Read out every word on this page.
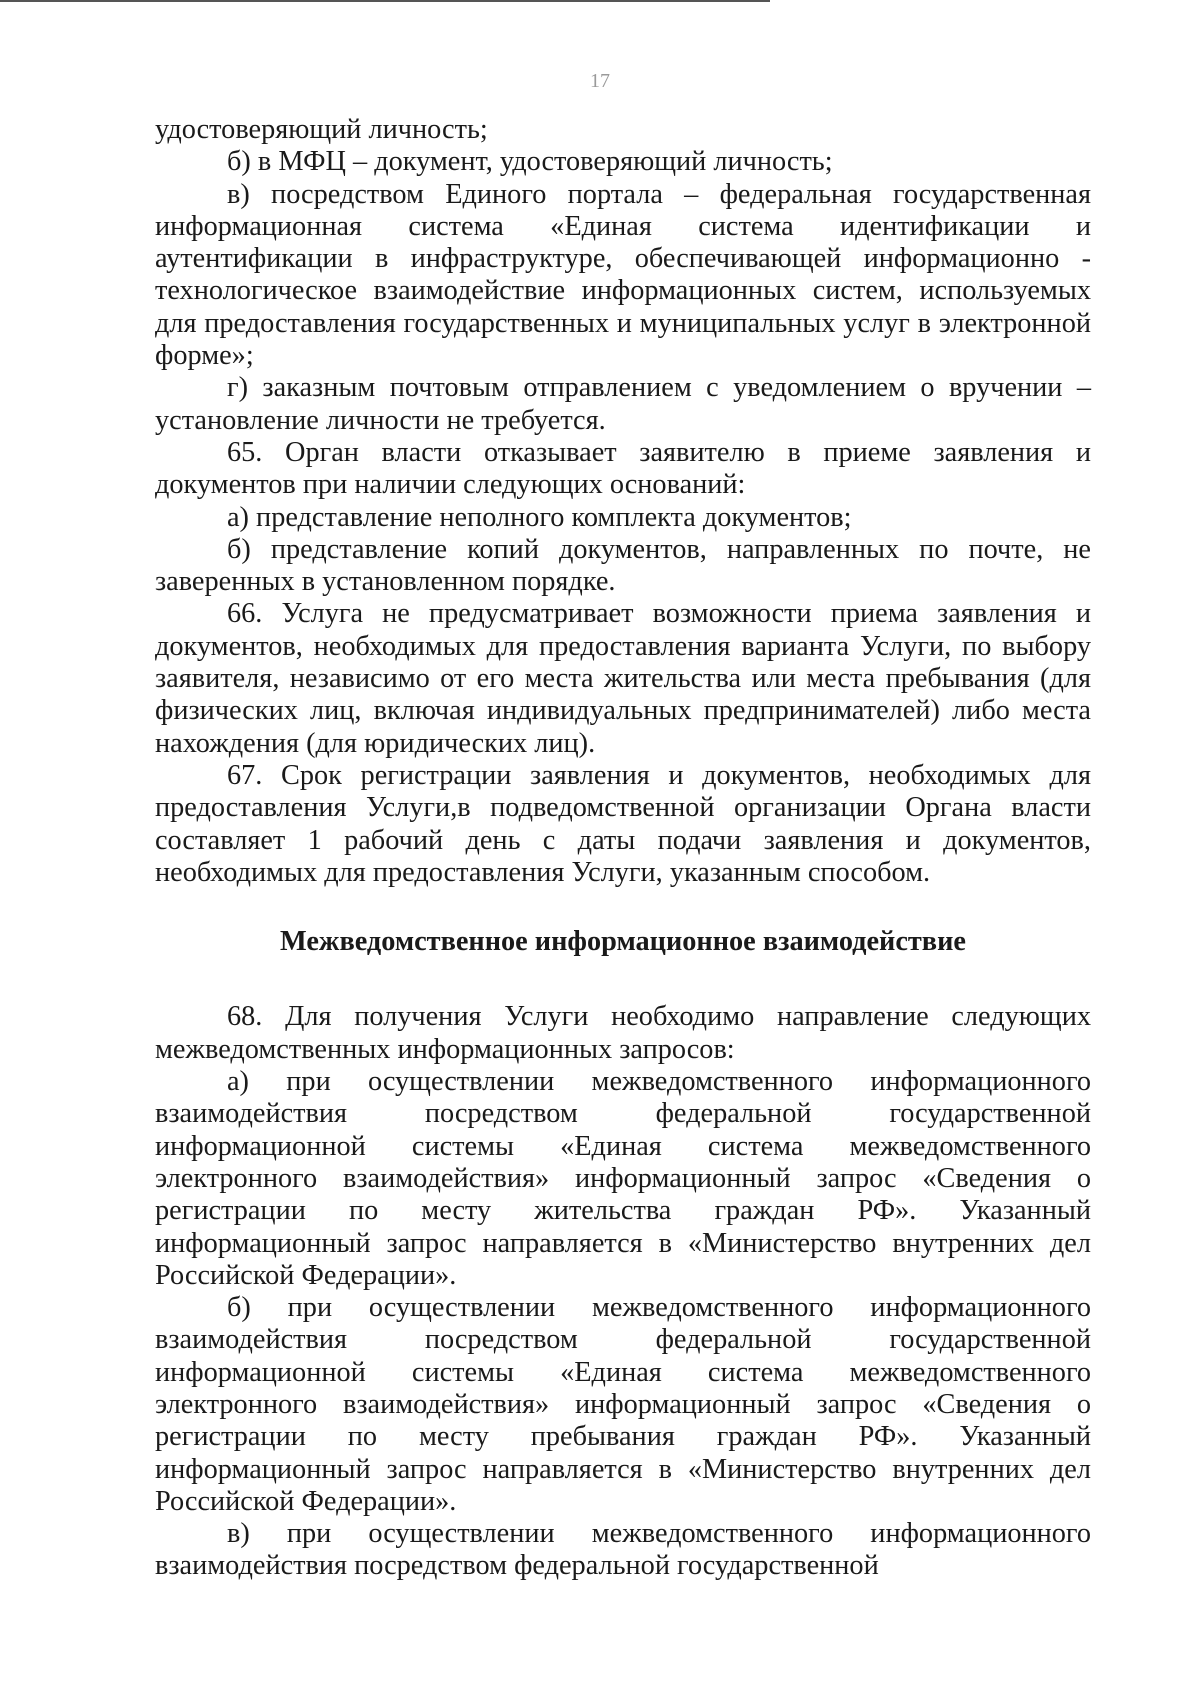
17

удостоверяющий личность;

б) в МФЦ – документ, удостоверяющий личность;

в) посредством Единого портала – федеральная государственная информационная система «Единая система идентификации и аутентификации в инфраструктуре, обеспечивающей информационно - технологическое взаимодействие информационных систем, используемых для предоставления государственных и муниципальных услуг в электронной форме»;

г) заказным почтовым отправлением с уведомлением о вручении – установление личности не требуется.

65. Орган власти отказывает заявителю в приеме заявления и документов при наличии следующих оснований:

а) представление неполного комплекта документов;

б) представление копий документов, направленных по почте, не заверенных в установленном порядке.

66. Услуга не предусматривает возможности приема заявления и документов, необходимых для предоставления варианта Услуги, по выбору заявителя, независимо от его места жительства или места пребывания (для физических лиц, включая индивидуальных предпринимателей) либо места нахождения (для юридических лиц).

67. Срок регистрации заявления и документов, необходимых для предоставления Услуги,в подведомственной организации Органа власти составляет 1 рабочий день с даты подачи заявления и документов, необходимых для предоставления Услуги, указанным способом.

Межведомственное информационное взаимодействие

68. Для получения Услуги необходимо направление следующих межведомственных информационных запросов:

а) при осуществлении межведомственного информационного взаимодействия посредством федеральной государственной информационной системы «Единая система межведомственного электронного взаимодействия» информационный запрос «Сведения о регистрации по месту жительства граждан РФ». Указанный информационный запрос направляется в «Министерство внутренних дел Российской Федерации».

б) при осуществлении межведомственного информационного взаимодействия посредством федеральной государственной информационной системы «Единая система межведомственного электронного взаимодействия» информационный запрос «Сведения о регистрации по месту пребывания граждан РФ». Указанный информационный запрос направляется в «Министерство внутренних дел Российской Федерации».

в) при осуществлении межведомственного информационного взаимодействия посредством федеральной государственной
